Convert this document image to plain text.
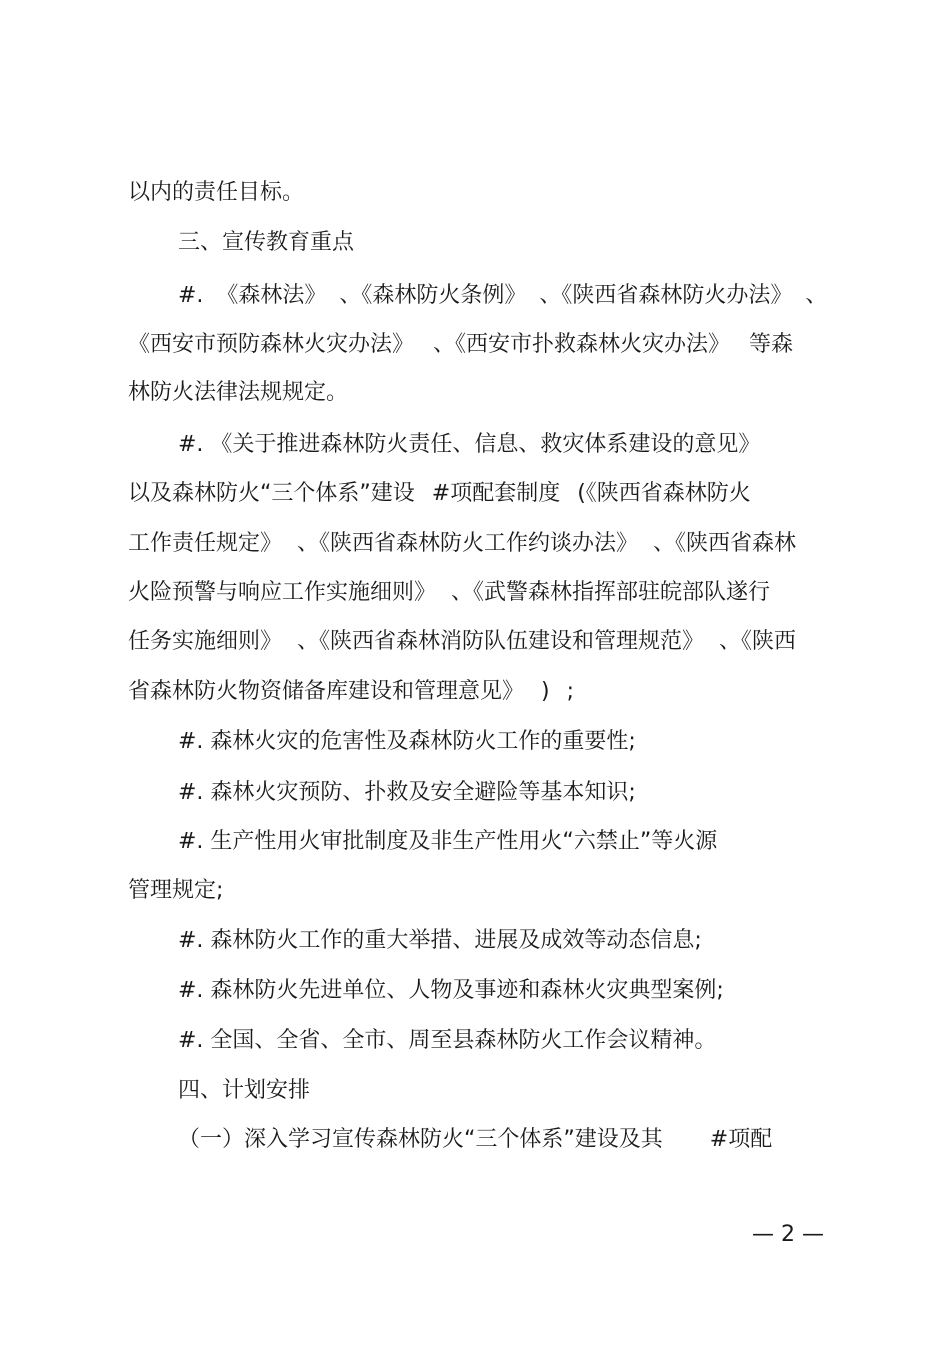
以内的责任目标。
三、宣传教育重点
#. 《森林法》 、《森林防火条例》 、《陕西省森林防火办法》 、
《西安市预防森林火灾办法》 、《西安市扑救森林火灾办法》 等森
林防火法律法规规定。
#. 《关于推进森林防火责任、信息、救灾体系建设的意见》
以及森林防火“三个体系”建设 #项配套制度 (《陕西省森林防火
工作责任规定》 、《陕西省森林防火工作约谈办法》 、《陕西省森林
火险预警与响应工作实施细则》 、《武警森林指挥部驻皖部队遂行
任务实施细则》 、《陕西省森林消防队伍建设和管理规范》 、《陕西
省森林防火物资储备库建设和管理意见》 ) ;
#. 森林火灾的危害性及森林防火工作的重要性;
#. 森林火灾预防、扑救及安全避险等基本知识;
#. 生产性用火审批制度及非生产性用火“六禁止”等火源
管理规定;
#. 森林防火工作的重大举措、进展及成效等动态信息;
#. 森林防火先进单位、人物及事迹和森林火灾典型案例;
#. 全国、全省、全市、周至县森林防火工作会议精神。
四、计划安排
（一）深入学习宣传森林防火“三个体系”建设及其 #项配
— 2 —
